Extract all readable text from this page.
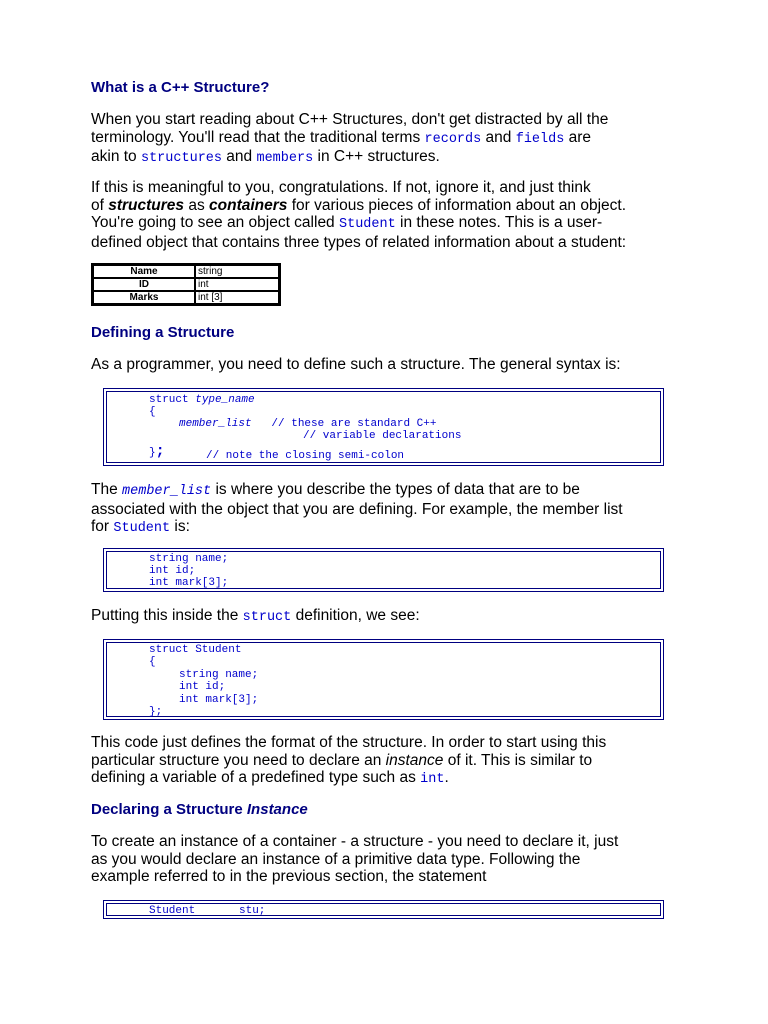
What is a C++ Structure?
When you start reading about C++ Structures, don't get distracted by all the
terminology. You'll read that the traditional terms records and fields are
akin to structures and members in C++ structures.
If this is meaningful to you, congratulations. If not, ignore it, and just think
of structures as containers for various pieces of information about an object.
You're going to see an object called Student in these notes. This is a user-
defined object that contains three types of related information about a student:
Name	string
ID	int
Marks	int [3]
Defining a Structure
As a programmer, you need to define such a structure. The general syntax is:
struct type_name
{
member_list   // these are standard C++
// variable declarations
};	// note the closing semi-colon
The member_list is where you describe the types of data that are to be
associated with the object that you are defining. For example, the member list
for Student is:
string name;
int id;
int mark[3];
Putting this inside the struct definition, we see:
struct Student
{
string name;
int id;
int mark[3];
};
This code just defines the format of the structure. In order to start using this
particular structure you need to declare an instance of it. This is similar to
defining a variable of a predefined type such as int.
Declaring a Structure Instance
To create an instance of a container - a structure - you need to declare it, just
as you would declare an instance of a primitive data type. Following the
example referred to in the previous section, the statement
Student	stu;
